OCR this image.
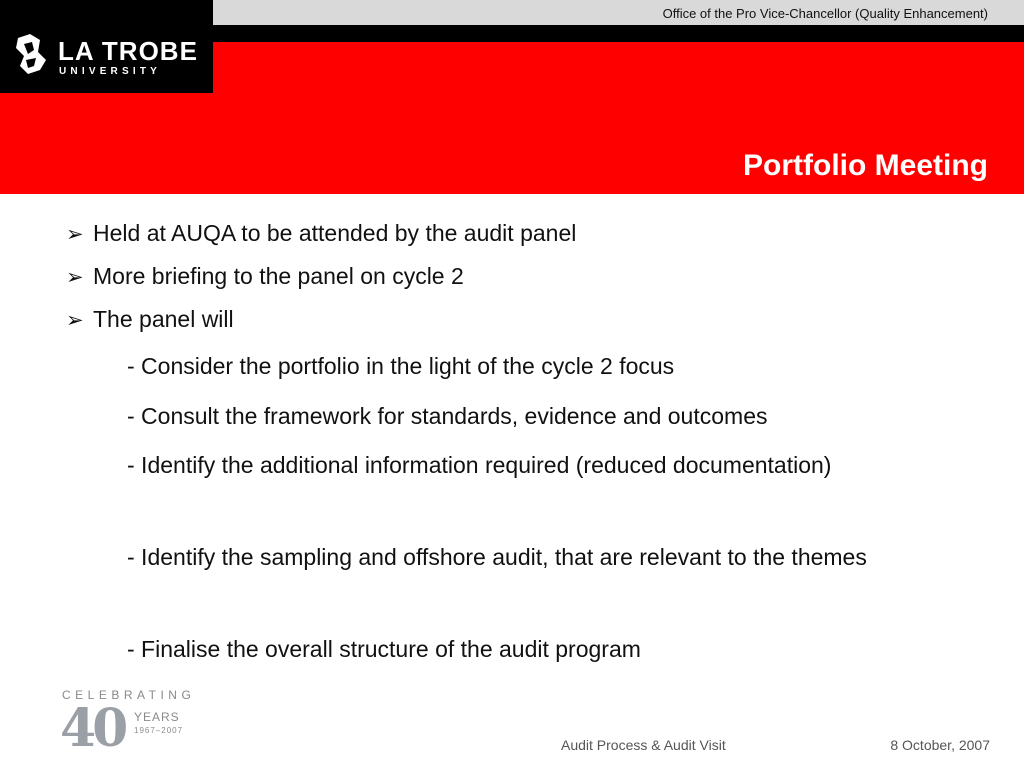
Office of the Pro Vice-Chancellor (Quality Enhancement)
Portfolio Meeting
LA TROBE
UNIVERSITY
➢ Held at AUQA to be attended by the audit panel
➢ More briefing to the panel on cycle 2
➢ The panel will
- Consider the portfolio in the light of the cycle 2 focus
- Consult the framework for standards, evidence and outcomes
- Identify the additional information required (reduced documentation)
- Identify the sampling and offshore audit, that are relevant to the themes
- Finalise the overall structure of the audit program
CELEBRATING
40 YEARS
1967–2007
Audit Process & Audit Visit	8 October, 2007
